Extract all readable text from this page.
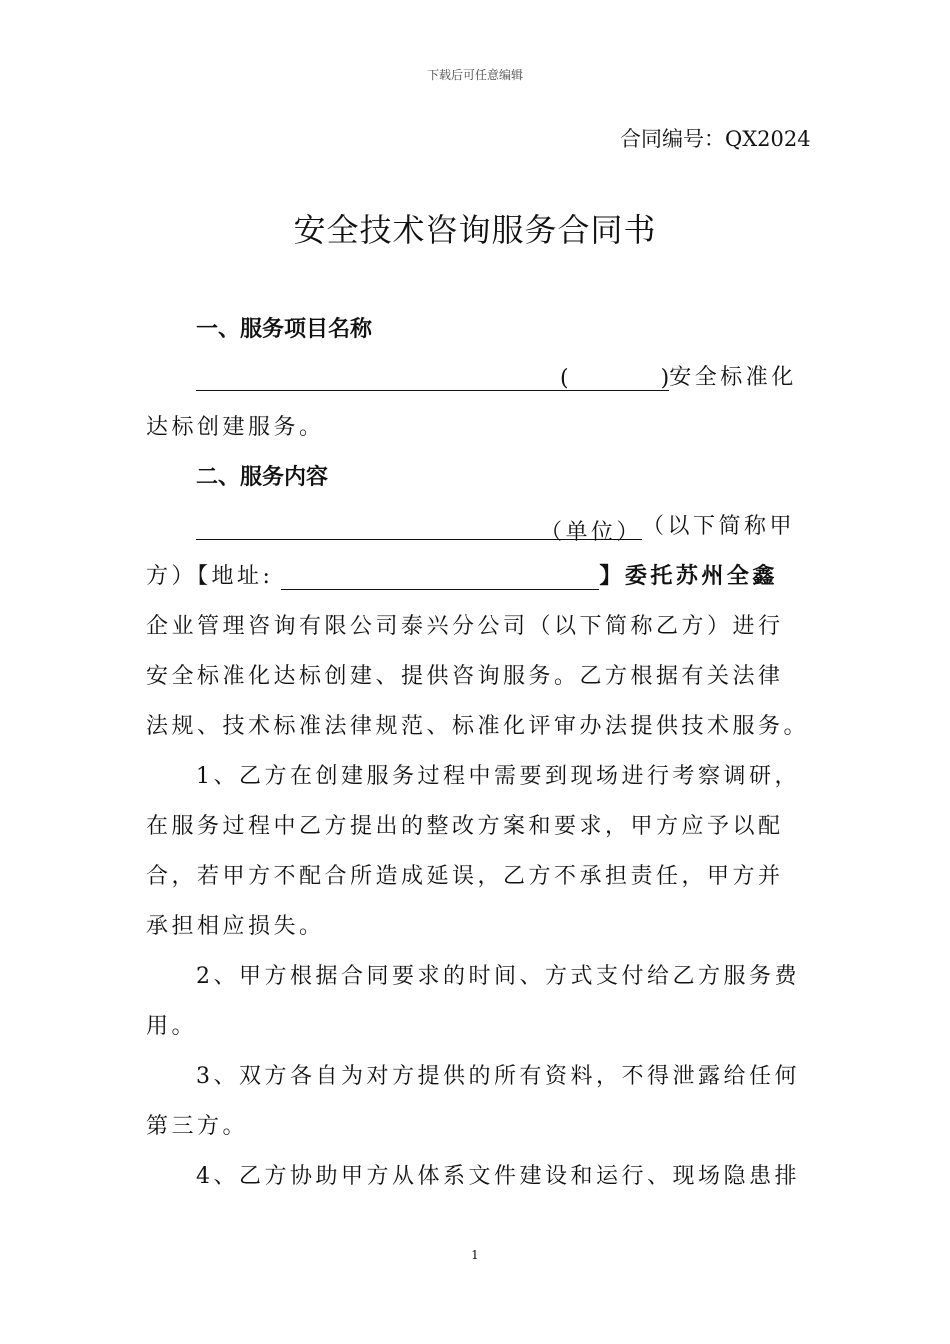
下载后可任意编辑
合同编号：QX2024
安全技术咨询服务合同书
一、服务项目名称
(	)安全标准化
达标创建服务。
二、服务内容
（单位）（以下简称甲
方）【地址:	】委托苏州全鑫
企业管理咨询有限公司泰兴分公司（以下简称乙方）进行
安全标准化达标创建、提供咨询服务。乙方根据有关法律
法规、技术标准法律规范、标准化评审办法提供技术服务。
1、乙方在创建服务过程中需要到现场进行考察调研，
在服务过程中乙方提出的整改方案和要求，甲方应予以配
合，若甲方不配合所造成延误，乙方不承担责任，甲方并
承担相应损失。
2、甲方根据合同要求的时间、方式支付给乙方服务费
用。
3、双方各自为对方提供的所有资料，不得泄露给任何
第三方。
4、乙方协助甲方从体系文件建设和运行、现场隐患排
1
